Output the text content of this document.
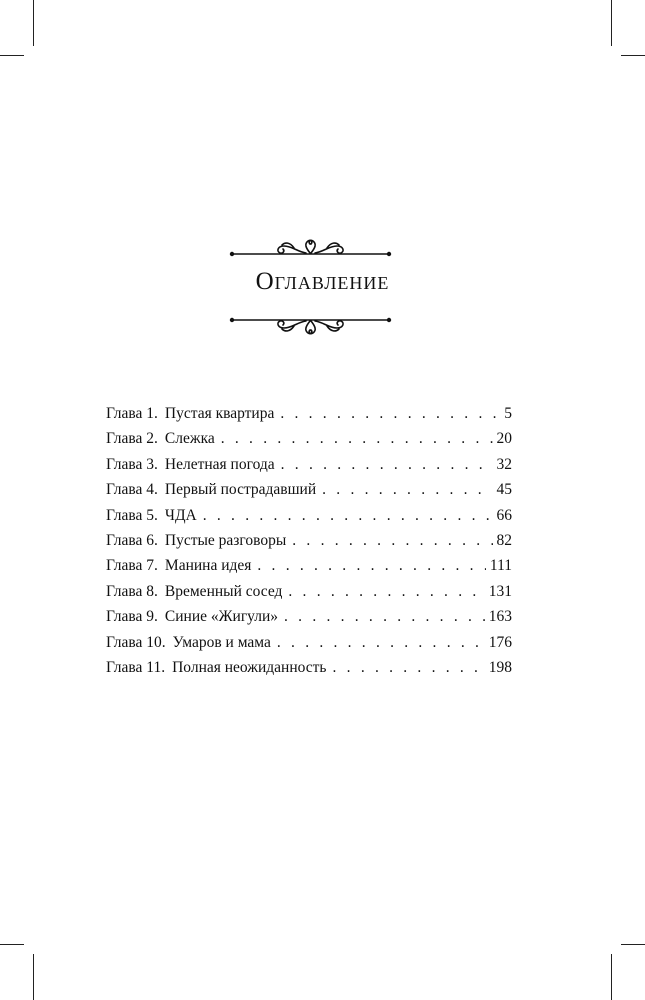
Оглавление
Глава 1. Пустая квартира . . .	5
Глава 2. Слежка . . .	20
Глава 3. Нелетная погода . . .	32
Глава 4. Первый пострадавший . . .	45
Глава 5. ЧДА . . .	66
Глава 6. Пустые разговоры . . .	82
Глава 7. Манина идея . . .	111
Глава 8. Временный сосед . . .	131
Глава 9. Синие «Жигули» . . .	163
Глава 10. Умаров и мама . . .	176
Глава 11. Полная неожиданность . . .	198
